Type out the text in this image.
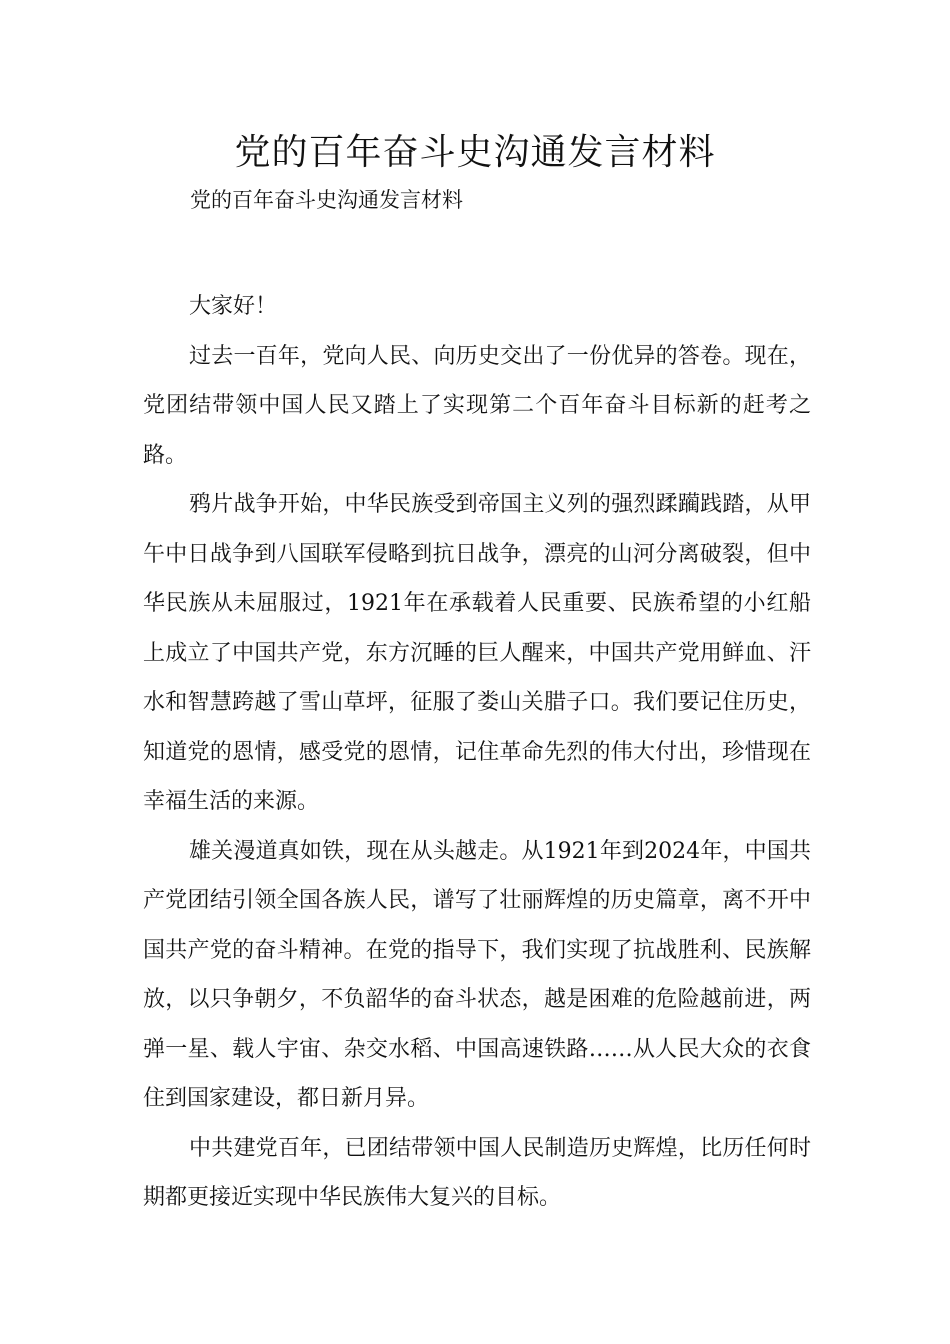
党的百年奋斗史沟通发言材料

党的百年奋斗史沟通发言材料

大家好！

过去一百年，党向人民、向历史交出了一份优异的答卷。现在，党团结带领中国人民又踏上了实现第二个百年奋斗目标新的赶考之路。

鸦片战争开始，中华民族受到帝国主义列的强烈蹂躏践踏，从甲午中日战争到八国联军侵略到抗日战争，漂亮的山河分离破裂，但中华民族从未屈服过，1921年在承载着人民重要、民族希望的小红船上成立了中国共产党，东方沉睡的巨人醒来，中国共产党用鲜血、汗水和智慧跨越了雪山草坪，征服了娄山关腊子口。我们要记住历史，知道党的恩情，感受党的恩情，记住革命先烈的伟大付出，珍惜现在幸福生活的来源。

雄关漫道真如铁，现在从头越走。从1921年到2024年，中国共产党团结引领全国各族人民，谱写了壮丽辉煌的历史篇章，离不开中国共产党的奋斗精神。在党的指导下，我们实现了抗战胜利、民族解放，以只争朝夕，不负韶华的奋斗状态，越是困难的危险越前进，两弹一星、载人宇宙、杂交水稻、中国高速铁路……从人民大众的衣食住到国家建设，都日新月异。

中共建党百年，已团结带领中国人民制造历史辉煌，比历任何时期都更接近实现中华民族伟大复兴的目标。
